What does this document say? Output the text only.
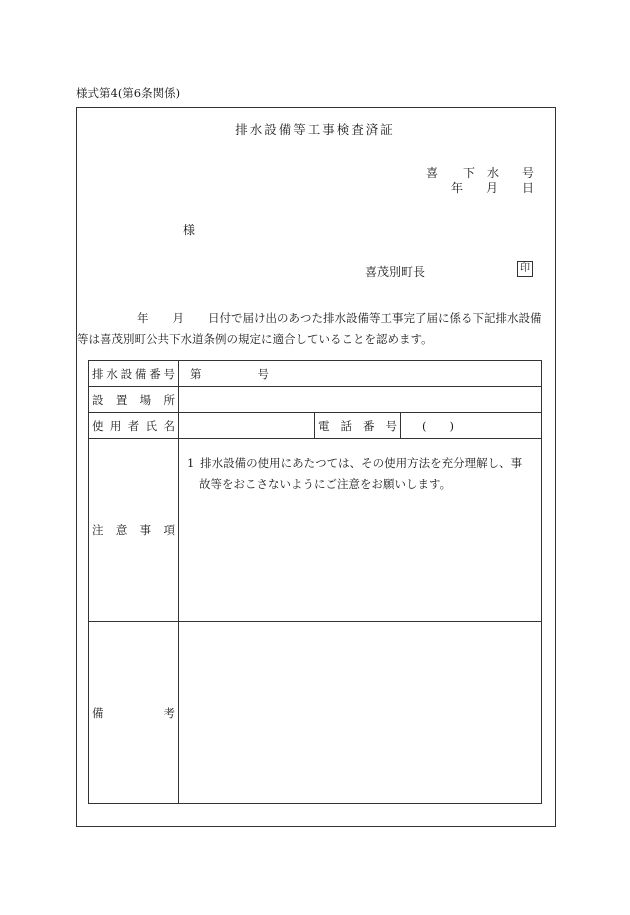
様式第4(第6条関係)
排水設備等工事検査済証
喜 下 水 号
年 月 日
様
喜茂別町長	印
年 月 日付で届け出のあつた排水設備等工事完了届に係る下記排水設備
等は喜茂別町公共下水道条例の規定に適合していることを認めます。
排水設備番号	第 号		
設置場所			
使用者氏名		電話番号	(　　)
注意事項	1  排水設備の使用にあたつては、その使用方法を充分理解し、事
故等をおこさないようにご注意をお願いします。		

備考			
